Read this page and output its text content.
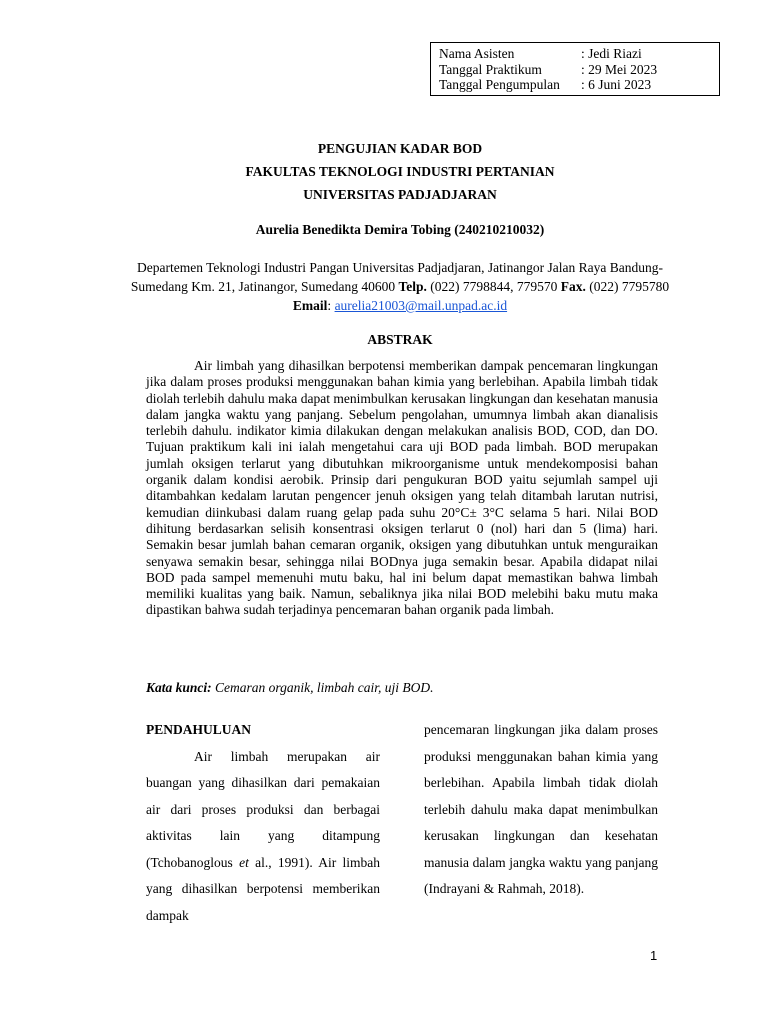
Nama Asisten	: Jedi Riazi
Tanggal Praktikum	: 29 Mei 2023
Tanggal Pengumpulan	: 6 Juni 2023
PENGUJIAN KADAR BOD
FAKULTAS TEKNOLOGI INDUSTRI PERTANIAN
UNIVERSITAS PADJADJARAN
Aurelia Benedikta Demira Tobing (240210210032)
Departemen Teknologi Industri Pangan Universitas Padjadjaran, Jatinangor Jalan Raya Bandung-Sumedang Km. 21, Jatinangor, Sumedang 40600 Telp. (022) 7798844, 779570 Fax. (022) 7795780 Email: aurelia21003@mail.unpad.ac.id
ABSTRAK
Air limbah yang dihasilkan berpotensi memberikan dampak pencemaran lingkungan jika dalam proses produksi menggunakan bahan kimia yang berlebihan. Apabila limbah tidak diolah terlebih dahulu maka dapat menimbulkan kerusakan lingkungan dan kesehatan manusia dalam jangka waktu yang panjang. Sebelum pengolahan, umumnya limbah akan dianalisis terlebih dahulu. indikator kimia dilakukan dengan melakukan analisis BOD, COD, dan DO. Tujuan praktikum kali ini ialah mengetahui cara uji BOD pada limbah. BOD merupakan jumlah oksigen terlarut yang dibutuhkan mikroorganisme untuk mendekomposisi bahan organik dalam kondisi aerobik. Prinsip dari pengukuran BOD yaitu sejumlah sampel uji ditambahkan kedalam larutan pengencer jenuh oksigen yang telah ditambah larutan nutrisi, kemudian diinkubasi dalam ruang gelap pada suhu 20°C± 3°C selama 5 hari. Nilai BOD dihitung berdasarkan selisih konsentrasi oksigen terlarut 0 (nol) hari dan 5 (lima) hari. Semakin besar jumlah bahan cemaran organik, oksigen yang dibutuhkan untuk menguraikan senyawa semakin besar, sehingga nilai BODnya juga semakin besar. Apabila didapat nilai BOD pada sampel memenuhi mutu baku, hal ini belum dapat memastikan bahwa limbah memiliki kualitas yang baik. Namun, sebaliknya jika nilai BOD melebihi baku mutu maka dipastikan bahwa sudah terjadinya pencemaran bahan organik pada limbah.
Kata kunci: Cemaran organik, limbah cair, uji BOD.
PENDAHULUAN
Air limbah merupakan air buangan yang dihasilkan dari pemakaian air dari proses produksi dan berbagai aktivitas lain yang ditampung (Tchobanoglous et al., 1991). Air limbah yang dihasilkan berpotensi memberikan dampak
pencemaran lingkungan jika dalam proses produksi menggunakan bahan kimia yang berlebihan. Apabila limbah tidak diolah terlebih dahulu maka dapat menimbulkan kerusakan lingkungan dan kesehatan manusia dalam jangka waktu yang panjang (Indrayani & Rahmah, 2018).
1
